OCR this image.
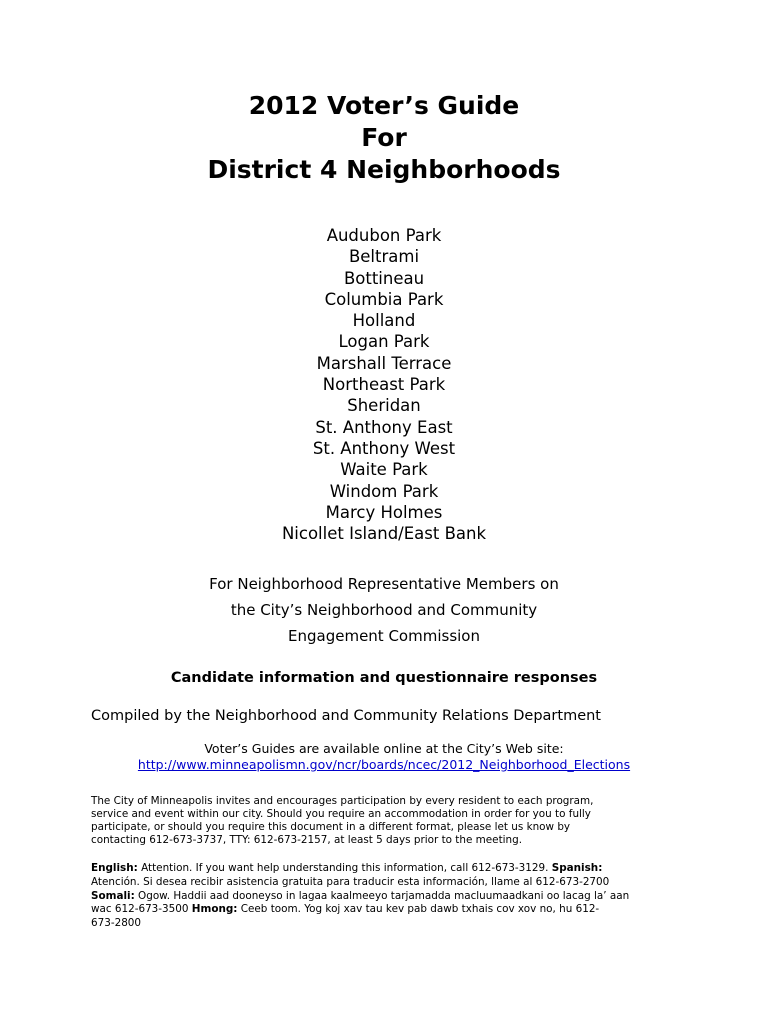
2012 Voter’s Guide
For
District 4 Neighborhoods
Audubon Park
Beltrami
Bottineau
Columbia Park
Holland
Logan Park
Marshall Terrace
Northeast Park
Sheridan
St. Anthony East
St. Anthony West
Waite Park
Windom Park
Marcy Holmes
Nicollet Island/East Bank
For Neighborhood Representative Members on
the City’s Neighborhood and Community
Engagement Commission
Candidate information and questionnaire responses
Compiled by the Neighborhood and Community Relations Department
Voter’s Guides are available online at the City’s Web site:
http://www.minneapolismn.gov/ncr/boards/ncec/2012_Neighborhood_Elections
The City of Minneapolis invites and encourages participation by every resident to each program,
service and event within our city. Should you require an accommodation in order for you to fully
participate, or should you require this document in a different format, please let us know by
contacting 612-673-3737, TTY: 612-673-2157, at least 5 days prior to the meeting.
English: Attention. If you want help understanding this information, call 612-673-3129. Spanish:
Atención. Si desea recibir asistencia gratuita para traducir esta información, llame al 612-673-2700
Somali: Ogow. Haddii aad dooneyso in lagaa kaalmeeyo tarjamadda macluumaadkani oo lacag la’ aan
wac 612-673-3500 Hmong: Ceeb toom. Yog koj xav tau kev pab dawb txhais cov xov no, hu 612-
673-2800
